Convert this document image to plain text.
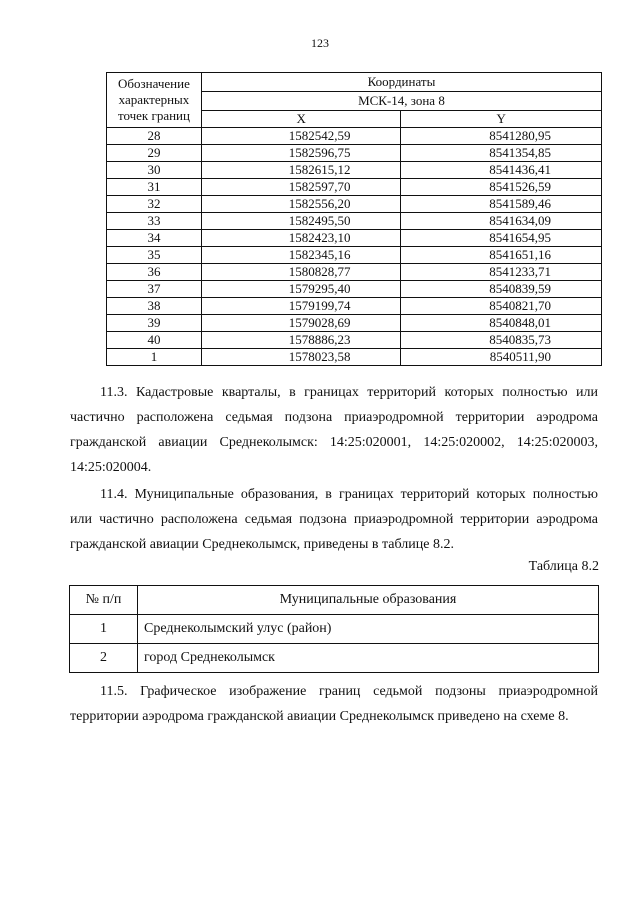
123
Обозначение
характерных
точек границ	Координаты	

	МСК-14, зона 8	

	X	Y
28	1582542,59	8541280,95
29	1582596,75	8541354,85
30	1582615,12	8541436,41
31	1582597,70	8541526,59
32	1582556,20	8541589,46
33	1582495,50	8541634,09
34	1582423,10	8541654,95
35	1582345,16	8541651,16
36	1580828,77	8541233,71
37	1579295,40	8540839,59
38	1579199,74	8540821,70
39	1579028,69	8540848,01
40	1578886,23	8540835,73
1	1578023,58	8540511,90

11.3. Кадастровые кварталы, в границах территорий которых полностью или частично расположена седьмая подзона приаэродромной территории аэродрома гражданской авиации Среднеколымск: 14:25:020001, 14:25:020002, 14:25:020003, 14:25:020004.

11.4. Муниципальные образования, в границах территорий которых полностью или частично расположена седьмая подзона приаэродромной территории аэродрома гражданской авиации Среднеколымск, приведены в таблице 8.2.

Таблица 8.2
№ п/п	Муниципальные образования
1	Среднеколымский улус (район)
2	город Среднеколымск

11.5. Графическое изображение границ седьмой подзоны приаэродромной территории аэродрома гражданской авиации Среднеколымск приведено на схеме 8.
